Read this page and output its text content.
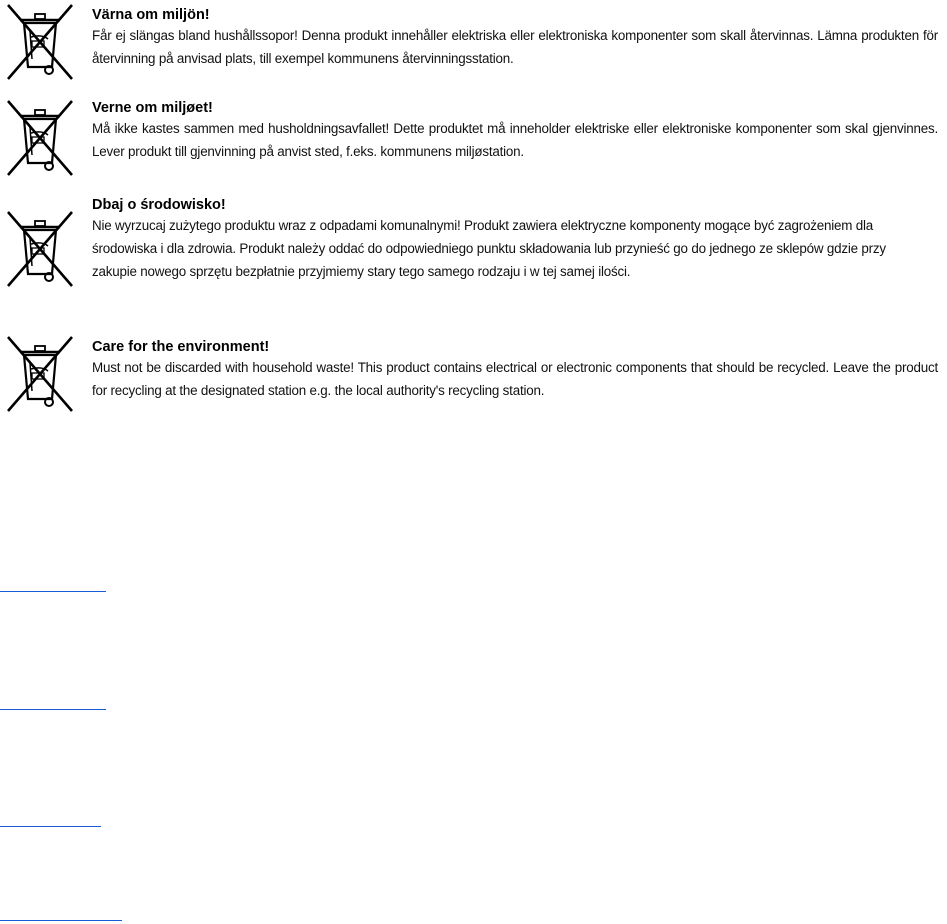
Värna om miljön!

Får ej slängas bland hushållssopor! Denna produkt innehåller elektriska eller elektroniska komponenter som skall återvinnas. Lämna produkten för återvinning på anvisad plats, till exempel kommunens återvinningsstation.

Verne om miljøet!

Må ikke kastes sammen med husholdningsavfallet! Dette produktet må inneholder elektriske eller elektroniske komponenter som skal gjenvinnes. Lever produkt till gjenvinning på anvist sted, f.eks. kommunens miljøstation.

Dbaj o środowisko!

Nie wyrzucaj zużytego produktu wraz z odpadami komunalnymi! Produkt zawiera elektryczne komponenty mogące być zagrożeniem dla środowiska i dla zdrowia. Produkt należy oddać do odpowiedniego punktu składowania lub przynieść go do jednego ze sklepów gdzie przy zakupie nowego sprzętu bezpłatnie przyjmiemy stary tego samego rodzaju i w tej samej ilości.

Care for the environment!

Must not be discarded with household waste! This product contains electrical or electronic components that should be recycled. Leave the product for recycling at the designated station e.g. the local authority's recycling station.
